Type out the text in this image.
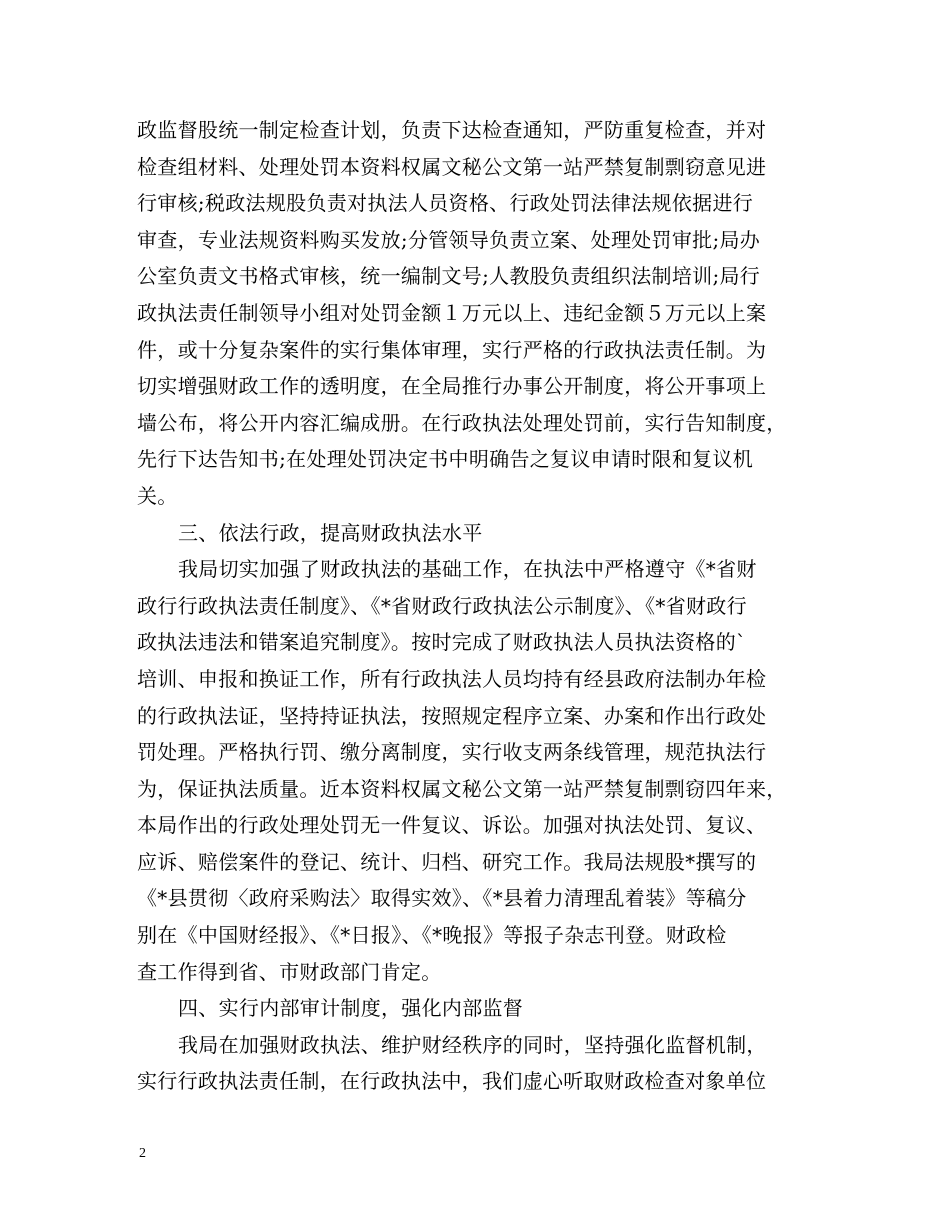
政监督股统一制定检查计划，负责下达检查通知，严防重复检查，并对
检查组材料、处理处罚本资料权属文秘公文第一站严禁复制剽窃意见进
行审核;税政法规股负责对执法人员资格、行政处罚法律法规依据进行
审查，专业法规资料购买发放;分管领导负责立案、处理处罚审批;局办
公室负责文书格式审核，统一编制文号;人教股负责组织法制培训;局行
政执法责任制领导小组对处罚金额１万元以上、违纪金额５万元以上案
件，或十分复杂案件的实行集体审理，实行严格的行政执法责任制。为
切实增强财政工作的透明度，在全局推行办事公开制度，将公开事项上
墙公布，将公开内容汇编成册。在行政执法处理处罚前，实行告知制度，
先行下达告知书;在处理处罚决定书中明确告之复议申请时限和复议机
关。
三、依法行政，提高财政执法水平
我局切实加强了财政执法的基础工作，在执法中严格遵守《*省财
政行行政执法责任制度》、《*省财政行政执法公示制度》、《*省财政行
政执法违法和错案追究制度》。按时完成了财政执法人员执法资格的`
培训、申报和换证工作，所有行政执法人员均持有经县政府法制办年检
的行政执法证，坚持持证执法，按照规定程序立案、办案和作出行政处
罚处理。严格执行罚、缴分离制度，实行收支两条线管理，规范执法行
为，保证执法质量。近本资料权属文秘公文第一站严禁复制剽窃四年来，
本局作出的行政处理处罚无一件复议、诉讼。加强对执法处罚、复议、
应诉、赔偿案件的登记、统计、归档、研究工作。我局法规股*撰写的
《*县贯彻〈政府采购法〉取得实效》、《*县着力清理乱着装》等稿分
别在《中国财经报》、《*日报》、《*晚报》等报子杂志刊登。财政检
查工作得到省、市财政部门肯定。
四、实行内部审计制度，强化内部监督
我局在加强财政执法、维护财经秩序的同时，坚持强化监督机制，
实行行政执法责任制，在行政执法中，我们虚心听取财政检查对象单位
2
